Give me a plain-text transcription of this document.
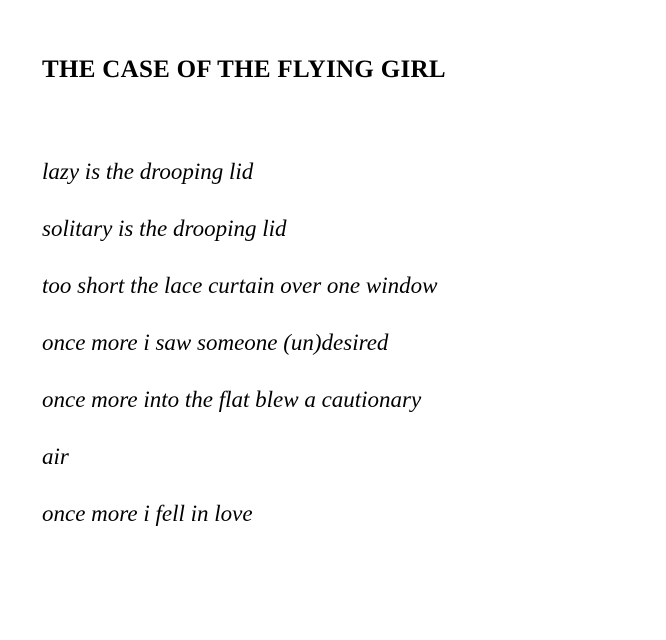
THE CASE OF THE FLYING GIRL

lazy is the drooping lid

solitary is the drooping lid

too short the lace curtain over one window

once more i saw someone (un)desired

once more into the flat blew a cautionary

air

once more i fell in love
